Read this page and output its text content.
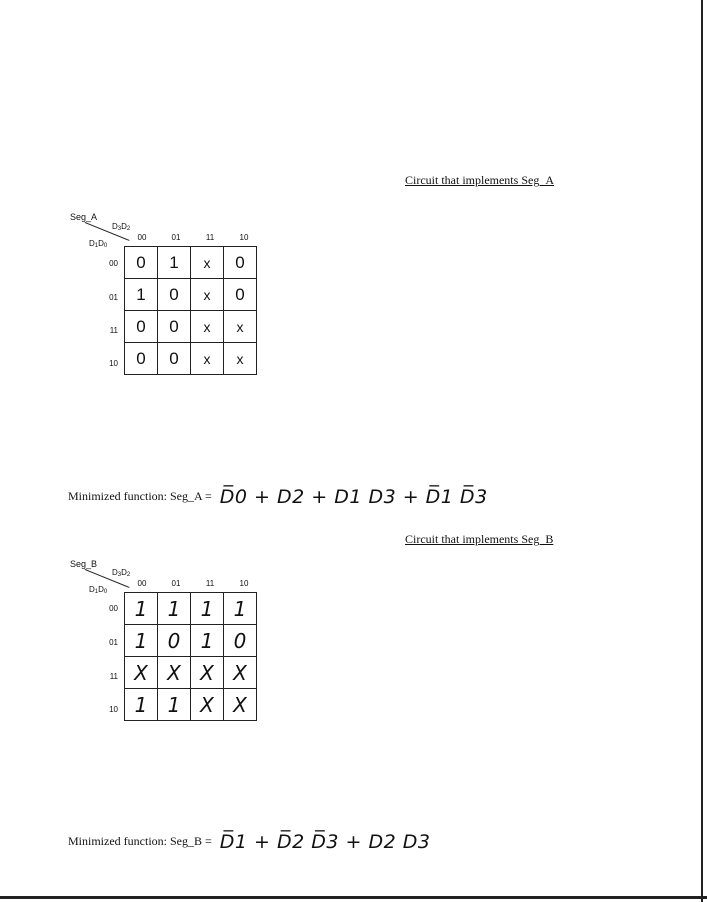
Circuit that implements Seg_A
Seg_A
$D_3D_2$
$D_1D_0$
00	01	11	10
00
01
11
10
0	1	x	0
1	0	x	0
0	0	x	x
0	0	x	x
Minimized function: Seg_A = D̅0 + D2 + D1 D3 + D̅1 D̅3
Circuit that implements Seg_B
Seg_B
$D_3D_2$
$D_1D_0$
00	01	11	10
00
01
11
10
1	1	1	1
1	0	1	0
X	X	X	X
1	1	X	X
Minimized function: Seg_B = D̅1 + D̅2 D̅3 + D2 D3
